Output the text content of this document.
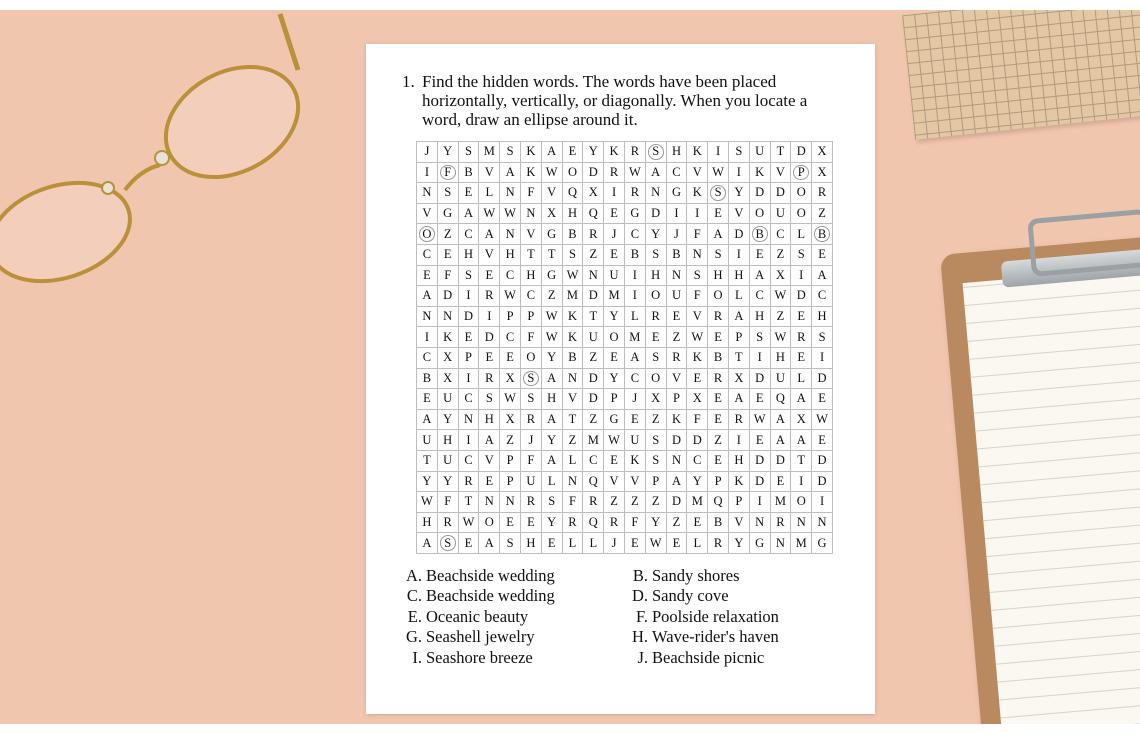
1. Find the hidden words. The words have been placed horizontally, vertically, or diagonally. When you locate a word, draw an ellipse around it.
J	Y	S M S	K A E Y K R	S	H K	I	S	U T D X
I	F	B V A K W O D R W A C V W	I	K V	P	X
N	S	E	L N	F	V Q X	I	R N G K	S	Y D D O R
V G A W W N X H Q E G D	I	I	E V O U O Z
O Z	C A N V G B R	J	C Y	J	F	A D B C	L	B
C	E H V H T	T	S	Z	E	B	S	B N	S	I	E	Z	S	E
E	F	S	E	C H G W N U	I	H N	S	H H A X	I	A
A D	I	R W C	Z M D M	I	O U	F	O L	C W D C
N N D	I	P	P W K T Y L	R	E V R A H Z	E H
I	K E D C	F W K U O M E	Z W E	P	S W R	S
C X	P	E	E O Y B	Z	E A	S	R K B	T	I	H E	I
B X	I	R X	S	A N D Y C O V E	R X D U L D
E U C	S W S	H V D	P	J	X	P	X E A E Q A E
A Y N H X R A T	Z G E	Z K	F	E	R W A X W
U H	I	A Z	J	Y Z M W U	S	D D Z	I	E A A E
T U C V	P	F	A L	C	E K	S	N C	E H D D T D
Y Y R	E	P	U L N Q V V	P	A Y	P	K D E	I	D
W F	T N N R	S	F	R	Z	Z	Z D M Q	P	I	M O	I
H R W O E	E Y R Q R	F	Y Z	E	B V N R N N
A	S	E A	S	H E	L	L	J	E W E	L	R Y G N M G
A. Beachside wedding
C. Beachside wedding
E. Oceanic beauty
G. Seashell jewelry
I. Seashore breeze
B. Sandy shores
D. Sandy cove
F. Poolside relaxation
H. Wave-rider's haven
J. Beachside picnic
